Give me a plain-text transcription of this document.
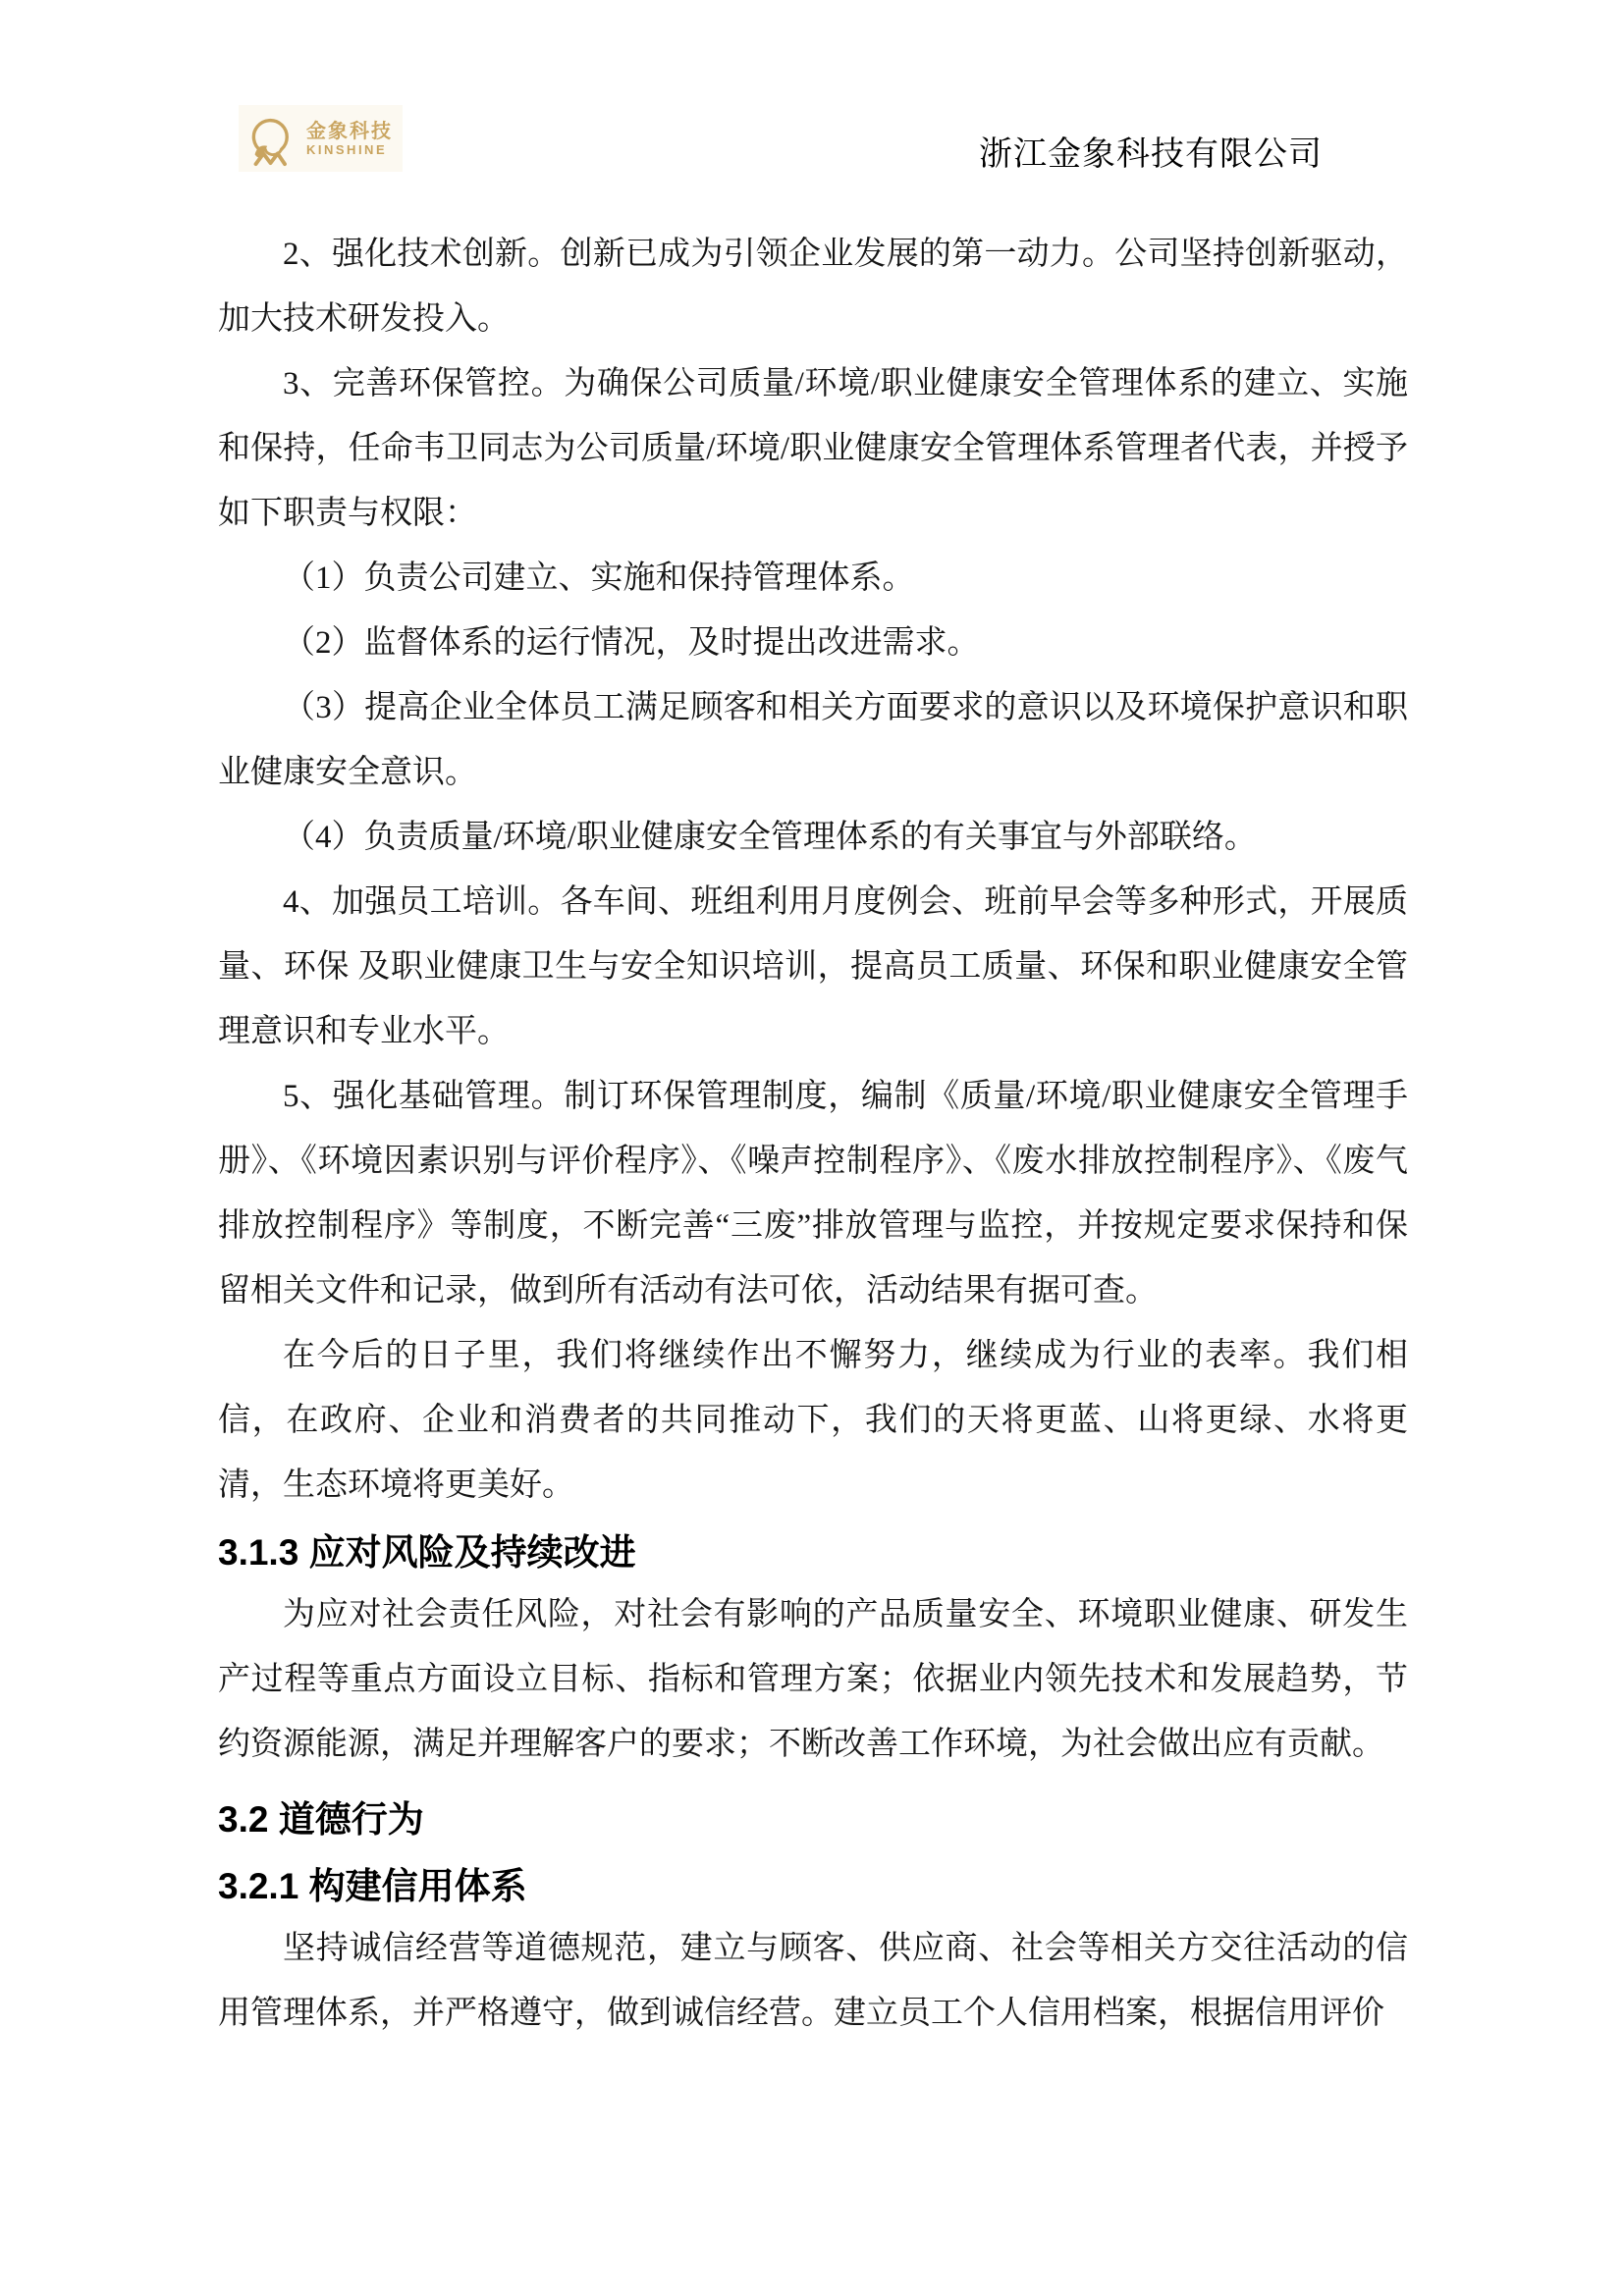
金象科技
KINSHINE	浙江金象科技有限公司

2、强化技术创新。创新已成为引领企业发展的第一动力。公司坚持创新驱动，加大技术研发投入。

3、完善环保管控。为确保公司质量/环境/职业健康安全管理体系的建立、实施和保持，任命韦卫同志为公司质量/环境/职业健康安全管理体系管理者代表，并授予如下职责与权限：

（1）负责公司建立、实施和保持管理体系。

（2）监督体系的运行情况，及时提出改进需求。

（3）提高企业全体员工满足顾客和相关方面要求的意识以及环境保护意识和职业健康安全意识。

（4）负责质量/环境/职业健康安全管理体系的有关事宜与外部联络。

4、加强员工培训。各车间、班组利用月度例会、班前早会等多种形式，开展质量、环保 及职业健康卫生与安全知识培训，提高员工质量、环保和职业健康安全管理意识和专业水平。

5、强化基础管理。制订环保管理制度，编制《质量/环境/职业健康安全管理手册》、《环境因素识别与评价程序》、《噪声控制程序》、《废水排放控制程序》、《废气排放控制程序》等制度，不断完善“三废”排放管理与监控，并按规定要求保持和保留相关文件和记录，做到所有活动有法可依，活动结果有据可查。

在今后的日子里，我们将继续作出不懈努力，继续成为行业的表率。我们相信，在政府、企业和消费者的共同推动下，我们的天将更蓝、山将更绿、水将更清，生态环境将更美好。

3.1.3 应对风险及持续改进

为应对社会责任风险，对社会有影响的产品质量安全、环境职业健康、研发生产过程等重点方面设立目标、指标和管理方案；依据业内领先技术和发展趋势，节约资源能源，满足并理解客户的要求；不断改善工作环境，为社会做出应有贡献。

3.2 道德行为
3.2.1 构建信用体系

坚持诚信经营等道德规范，建立与顾客、供应商、社会等相关方交往活动的信用管理体系，并严格遵守，做到诚信经营。建立员工个人信用档案，根据信用评价
